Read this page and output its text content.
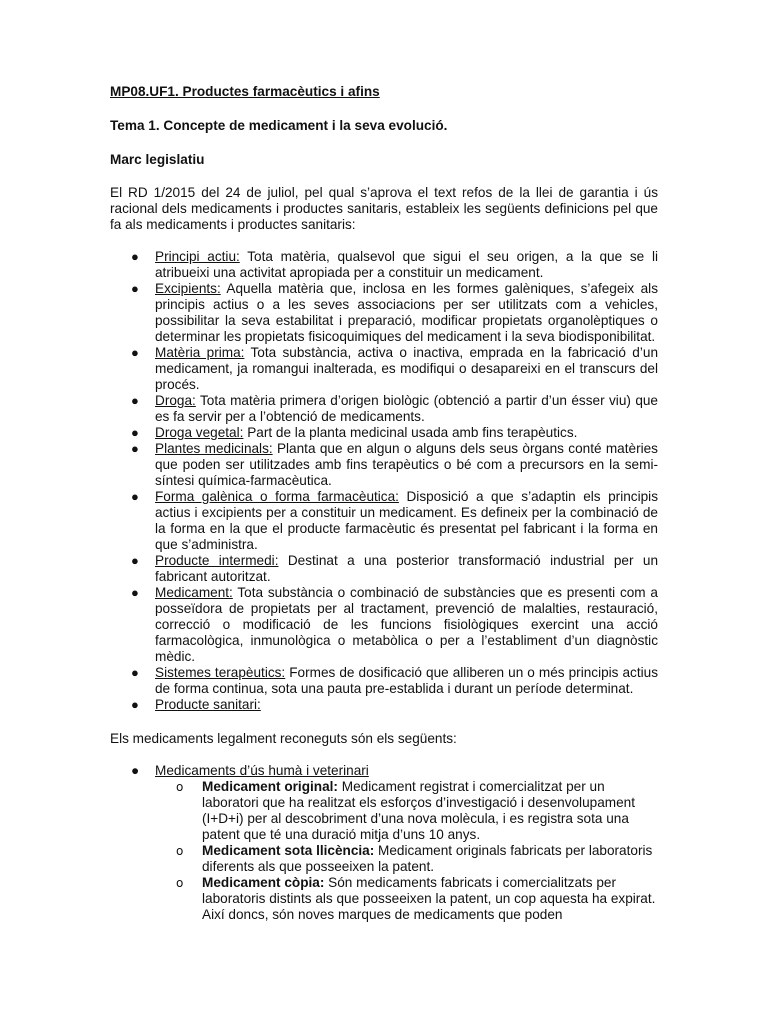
MP08.UF1. Productes farmacèutics i afins

Tema 1. Concepte de medicament i la seva evolució.

Marc legislatiu

El RD 1/2015 del 24 de juliol, pel qual s’aprova el text refos de la llei de garantia i ús racional dels medicaments i productes sanitaris, estableix les següents definicions pel que fa als medicaments i productes sanitaris:

● Principi actiu: Tota matèria, qualsevol que sigui el seu origen, a la que se li atribueixi una activitat apropiada per a constituir un medicament.
● Excipients: Aquella matèria que, inclosa en les formes galèniques, s’afegeix als principis actius o a les seves associacions per ser utilitzats com a vehicles, possibilitar la seva estabilitat i preparació, modificar propietats organolèptiques o determinar les propietats fisicoquimiques del medicament i la seva biodisponibilitat.
● Matèria prima: Tota substància, activa o inactiva, emprada en la fabricació d’un medicament, ja romangui inalterada, es modifiqui o desapareixi en el transcurs del procés.
● Droga: Tota matèria primera d’origen biològic (obtenció a partir d’un ésser viu) que es fa servir per a l’obtenció de medicaments.
● Droga vegetal: Part de la planta medicinal usada amb fins terapèutics.
● Plantes medicinals: Planta que en algun o alguns dels seus òrgans conté matèries que poden ser utilitzades amb fins terapèutics o bé com a precursors en la semi-síntesi química-farmacèutica.
● Forma galènica o forma farmacèutica: Disposició a que s’adaptin els principis actius i excipients per a constituir un medicament. Es defineix per la combinació de la forma en la que el producte farmacèutic és presentat pel fabricant i la forma en que s’administra.
● Producte intermedi: Destinat a una posterior transformació industrial per un fabricant autoritzat.
● Medicament: Tota substància o combinació de substàncies que es presenti com a posseïdora de propietats per al tractament, prevenció de malalties, restauració, correcció o modificació de les funcions fisiològiques exercint una acció farmacològica, inmunològica o metabòlica o per a l’establiment d’un diagnòstic mèdic.
● Sistemes terapèutics: Formes de dosificació que alliberen un o més principis actius de forma continua, sota una pauta pre-establida i durant un període determinat.
● Producte sanitari:

Els medicaments legalment reconeguts són els següents:

● Medicaments d’ús humà i veterinari
o Medicament original: Medicament registrat i comercialitzat per un laboratori que ha realitzat els esforços d’investigació i desenvolupament (I+D+i) per al descobriment d’una nova molècula, i es registra sota una patent que té una duració mitja d’uns 10 anys.
o Medicament sota llicència: Medicament originals fabricats per laboratoris diferents als que posseeixen la patent.
o Medicament còpia: Són medicaments fabricats i comercialitzats per laboratoris distints als que posseeixen la patent, un cop aquesta ha expirat. Així doncs, són noves marques de medicaments que poden
